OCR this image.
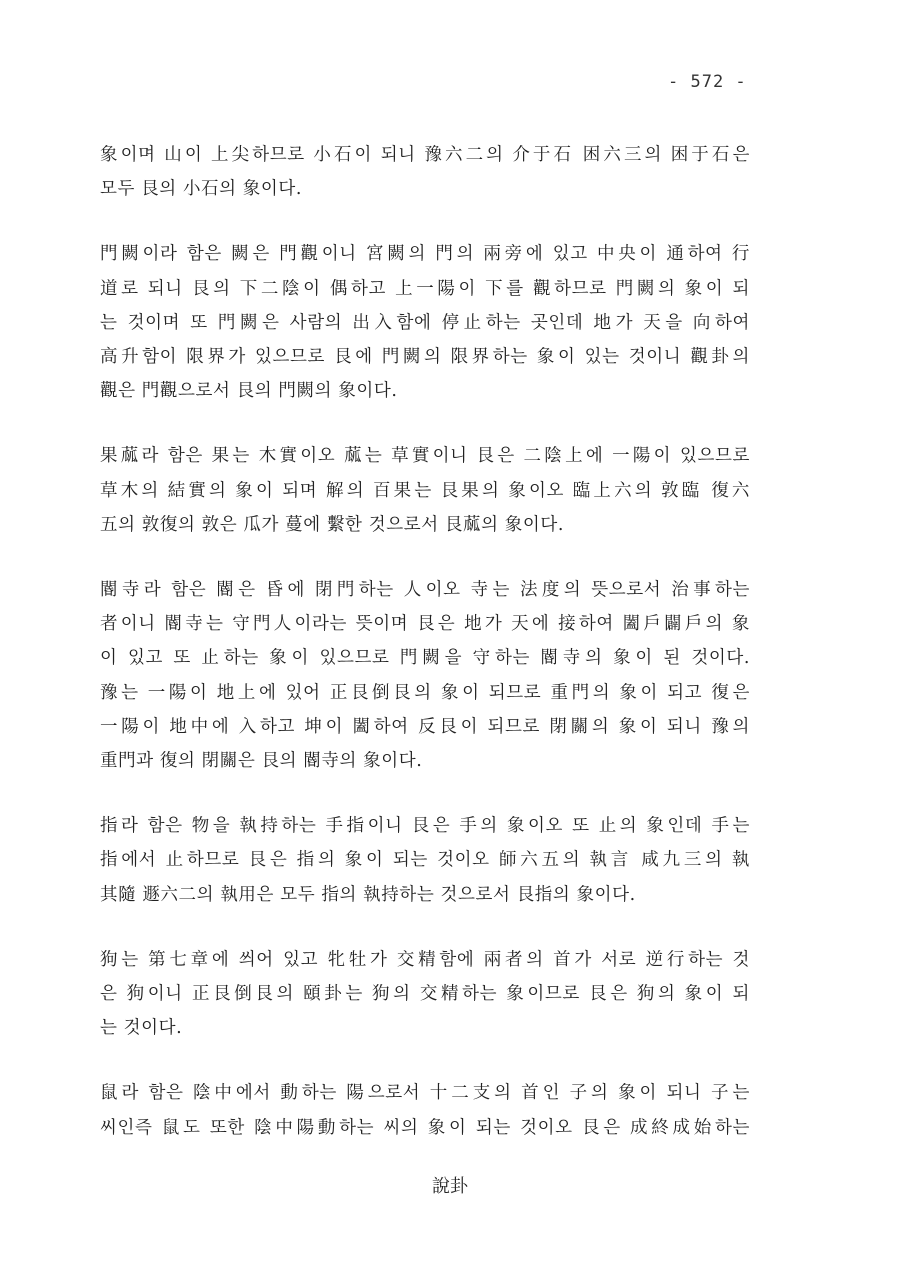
- 572 -

象이며 山이 上尖하므로 小石이 되니 豫六二의 介于石 困六三의 困于石은
모두 艮의 小石의 象이다.

門闕이라 함은 闕은 門觀이니 宮闕의 門의 兩旁에 있고 中央이 通하여 行
道로 되니 艮의 下二陰이 偶하고 上一陽이 下를 觀하므로 門闕의 象이 되
는 것이며 또 門闕은 사람의 出入함에 停止하는 곳인데 地가 天을 向하여
高升함이 限界가 있으므로 艮에 門闕의 限界하는 象이 있는 것이니 觀卦의
觀은 門觀으로서 艮의 門闕의 象이다.

果蓏라 함은 果는 木實이오 蓏는 草實이니 艮은 二陰上에 一陽이 있으므로
草木의 結實의 象이 되며 解의 百果는 艮果의 象이오 臨上六의 敦臨 復六
五의 敦復의 敦은 瓜가 蔓에 繫한 것으로서 艮蓏의 象이다.

閽寺라 함은 閽은 昏에 閉門하는 人이오 寺는 法度의 뜻으로서 治事하는
者이니 閽寺는 守門人이라는 뜻이며 艮은 地가 天에 接하여 闔戶闢戶의 象
이 있고 또 止하는 象이 있으므로 門闕을 守하는 閽寺의 象이 된 것이다.
豫는 一陽이 地上에 있어 正艮倒艮의 象이 되므로 重門의 象이 되고 復은
一陽이 地中에 入하고 坤이 闔하여 反艮이 되므로 閉關의 象이 되니 豫의
重門과 復의 閉關은 艮의 閽寺의 象이다.

指라 함은 物을 執持하는 手指이니 艮은 手의 象이오 또 止의 象인데 手는
指에서 止하므로 艮은 指의 象이 되는 것이오 師六五의 執言 咸九三의 執
其隨 遯六二의 執用은 모두 指의 執持하는 것으로서 艮指의 象이다.

狗는 第七章에 씌어 있고 牝牡가 交精함에 兩者의 首가 서로 逆行하는 것
은 狗이니 正艮倒艮의 頤卦는 狗의 交精하는 象이므로 艮은 狗의 象이 되
는 것이다.

鼠라 함은 陰中에서 動하는 陽으로서 十二支의 首인 子의 象이 되니 子는
씨인즉 鼠도 또한 陰中陽動하는 씨의 象이 되는 것이오 艮은 成終成始하는

說卦
